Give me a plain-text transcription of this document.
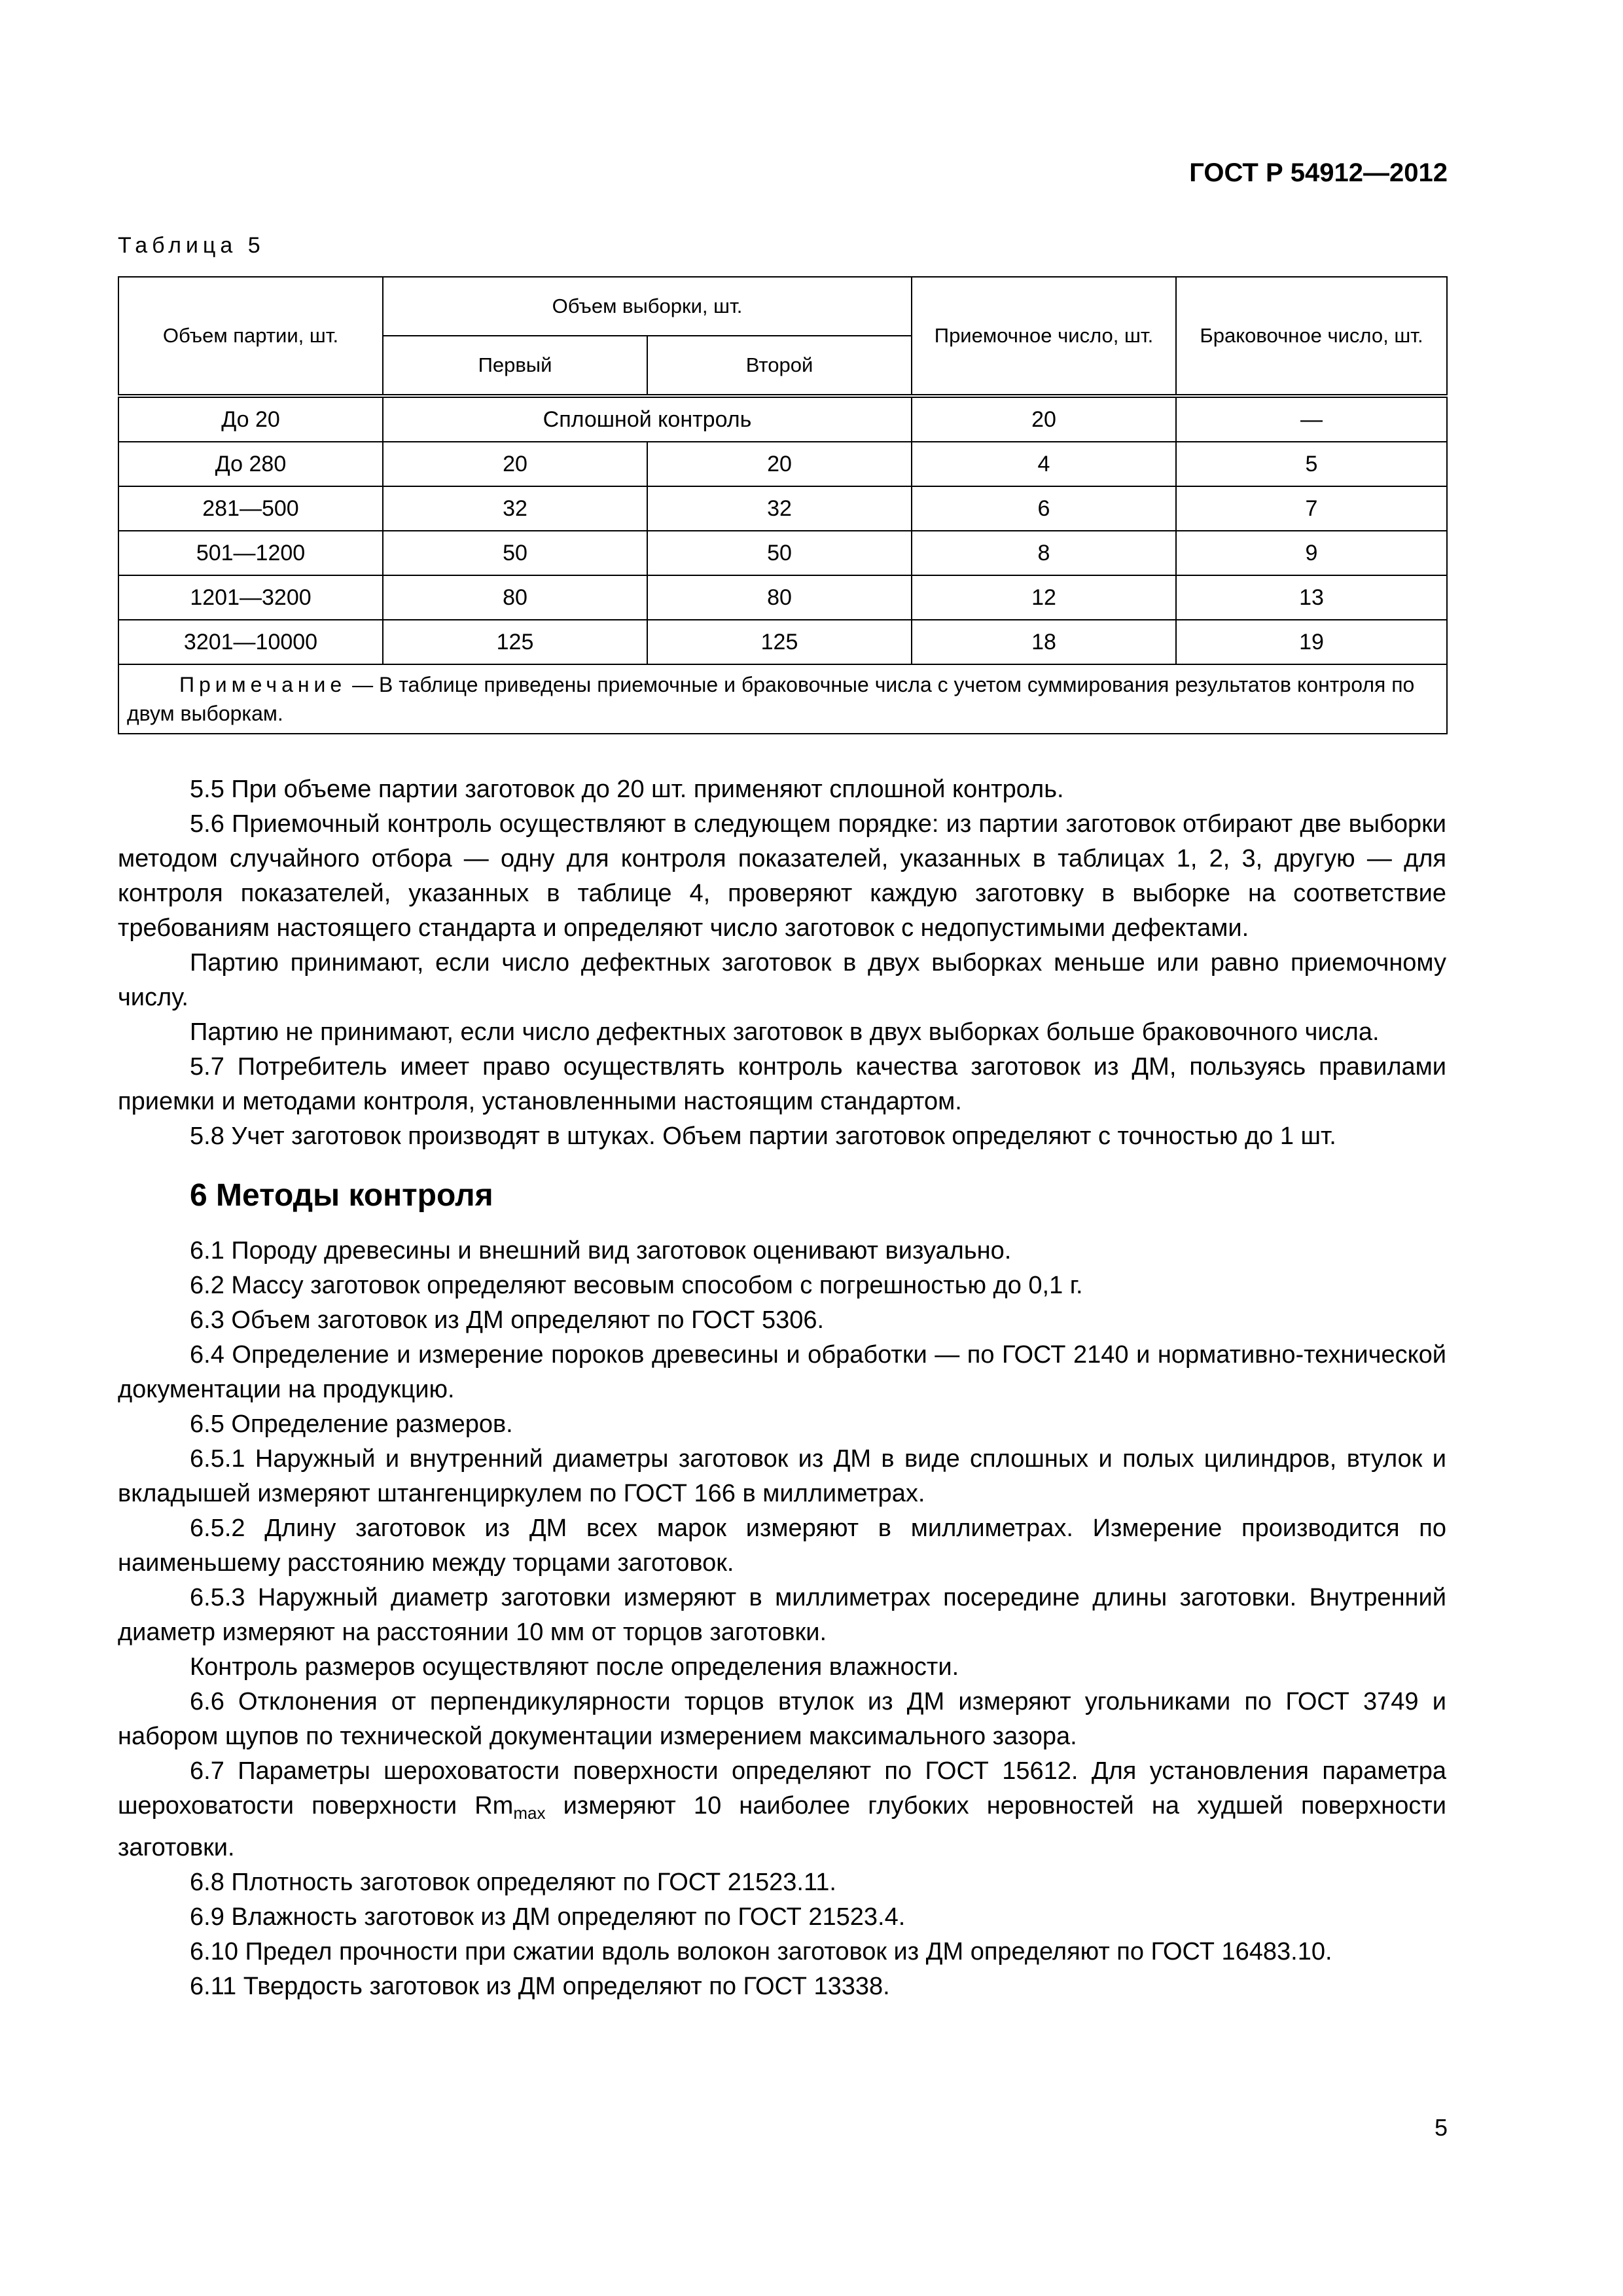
ГОСТ Р 54912—2012
Таблица 5
Объем партии, шт.	Объем выборки, шт.		Приемочное число, шт.	Браковочное число, шт.
	Первый	Второй		
До 20	Сплошной контроль		20	—
До 280	20	20	4	5
281—500	32	32	6	7
501—1200	50	50	8	9
1201—3200	80	80	12	13
3201—10000	125	125	18	19
Примечание — В таблице приведены приемочные и браковочные числа с учетом суммирования результатов контроля по двум выборкам.				

5.5 При объеме партии заготовок до 20 шт. применяют сплошной контроль.

5.6 Приемочный контроль осуществляют в следующем порядке: из партии заготовок отбирают две выборки методом случайного отбора — одну для контроля показателей, указанных в таблицах 1, 2, 3, другую — для контроля показателей, указанных в таблице 4, проверяют каждую заготовку в выборке на соответствие требованиям настоящего стандарта и определяют число заготовок с недопустимыми дефектами.

Партию принимают, если число дефектных заготовок в двух выборках меньше или равно приемочному числу.

Партию не принимают, если число дефектных заготовок в двух выборках больше браковочного числа.

5.7 Потребитель имеет право осуществлять контроль качества заготовок из ДМ, пользуясь правилами приемки и методами контроля, установленными настоящим стандартом.

5.8 Учет заготовок производят в штуках. Объем партии заготовок определяют с точностью до 1 шт.

6 Методы контроля

6.1 Породу древесины и внешний вид заготовок оценивают визуально.

6.2 Массу заготовок определяют весовым способом с погрешностью до 0,1 г.

6.3 Объем заготовок из ДМ определяют по ГОСТ 5306.

6.4 Определение и измерение пороков древесины и обработки — по ГОСТ 2140 и нормативно-технической документации на продукцию.

6.5 Определение размеров.

6.5.1 Наружный и внутренний диаметры заготовок из ДМ в виде сплошных и полых цилиндров, втулок и вкладышей измеряют штангенциркулем по ГОСТ 166 в миллиметрах.

6.5.2 Длину заготовок из ДМ всех марок измеряют в миллиметрах. Измерение производится по наименьшему расстоянию между торцами заготовок.

6.5.3 Наружный диаметр заготовки измеряют в миллиметрах посередине длины заготовки. Внутренний диаметр измеряют на расстоянии 10 мм от торцов заготовки.

Контроль размеров осуществляют после определения влажности.

6.6 Отклонения от перпендикулярности торцов втулок из ДМ измеряют угольниками по ГОСТ 3749 и набором щупов по технической документации измерением максимального зазора.

6.7 Параметры шероховатости поверхности определяют по ГОСТ 15612. Для установления параметра шероховатости поверхности $Rm_{max}$ измеряют 10 наиболее глубоких неровностей на худшей поверхности заготовки.

6.8 Плотность заготовок определяют по ГОСТ 21523.11.

6.9 Влажность заготовок из ДМ определяют по ГОСТ 21523.4.

6.10 Предел прочности при сжатии вдоль волокон заготовок из ДМ определяют по ГОСТ 16483.10.

6.11 Твердость заготовок из ДМ определяют по ГОСТ 13338.

5
